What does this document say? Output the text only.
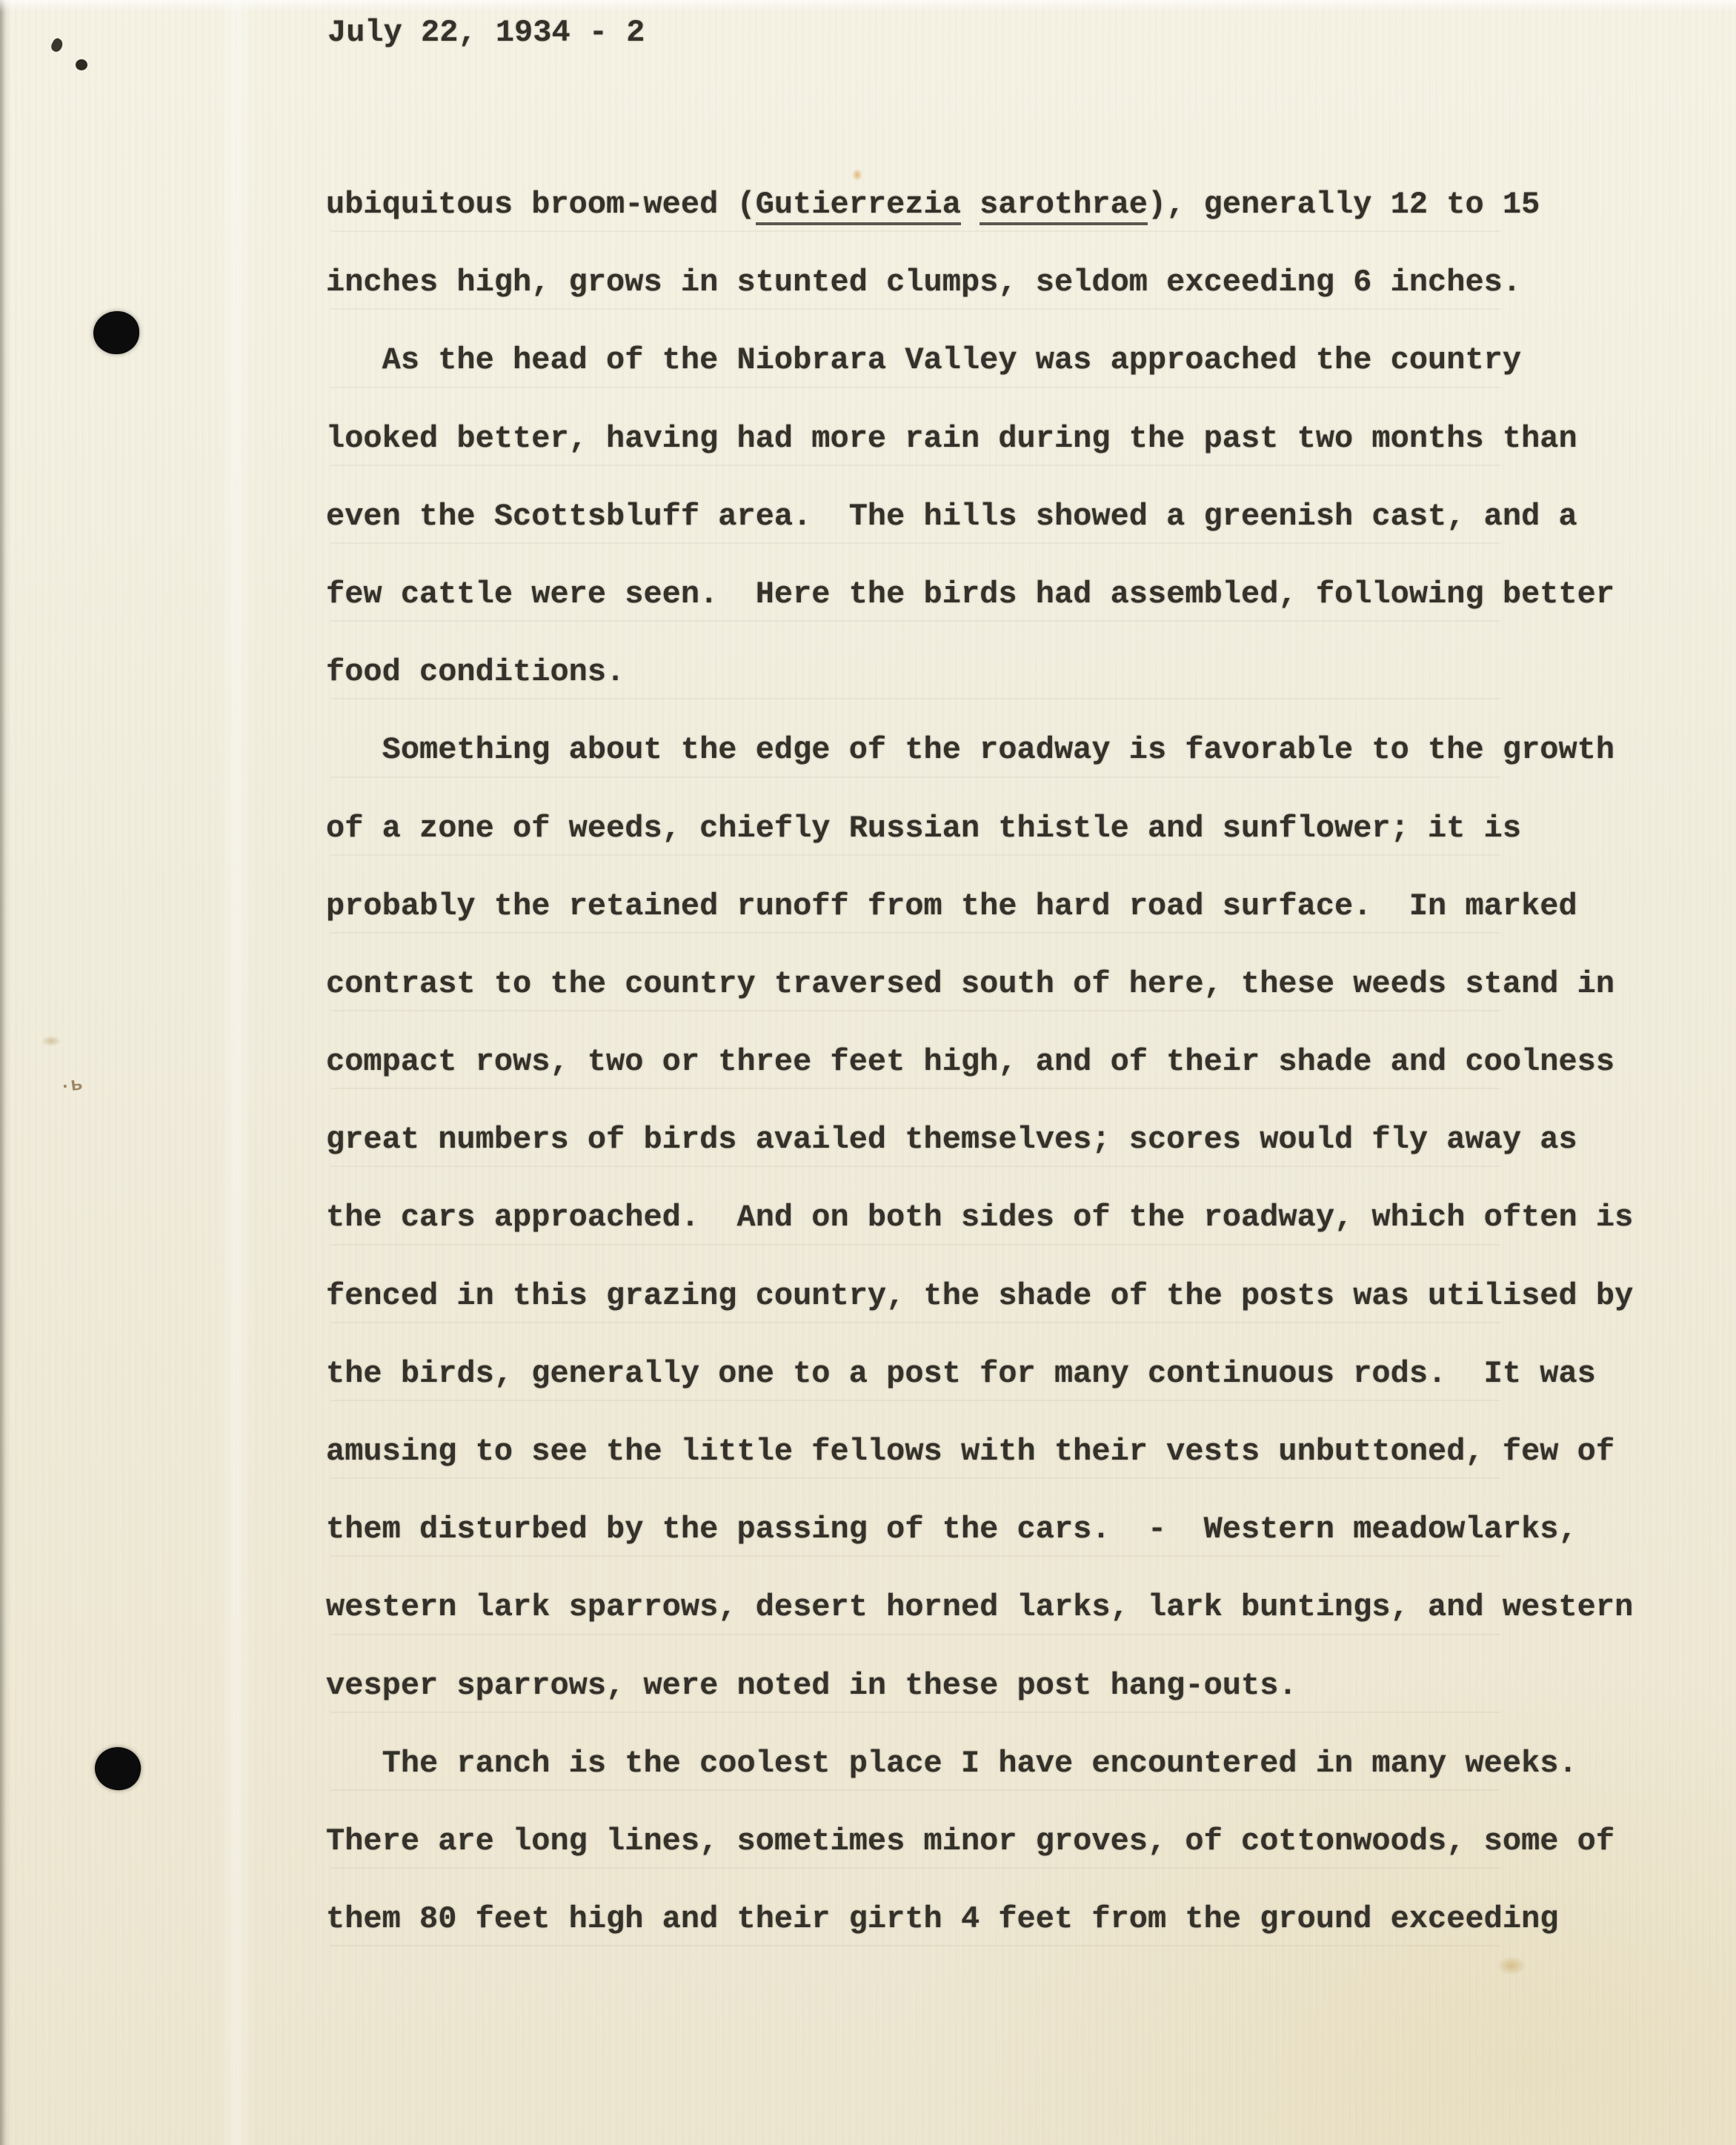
·ь
July 22, 1934 - 2
ubiquitous broom-weed (Gutierrezia sarothrae), generally 12 to 15
inches high, grows in stunted clumps, seldom exceeding 6 inches.
As the head of the Niobrara Valley was approached the country
looked better, having had more rain during the past two months than
even the Scottsbluff area.  The hills showed a greenish cast, and a
few cattle were seen.  Here the birds had assembled, following better
food conditions.
Something about the edge of the roadway is favorable to the growth
of a zone of weeds, chiefly Russian thistle and sunflower; it is
probably the retained runoff from the hard road surface.  In marked
contrast to the country traversed south of here, these weeds stand in
compact rows, two or three feet high, and of their shade and coolness
great numbers of birds availed themselves; scores would fly away as
the cars approached.  And on both sides of the roadway, which often is
fenced in this grazing country, the shade of the posts was utilised by
the birds, generally one to a post for many continuous rods.  It was
amusing to see the little fellows with their vests unbuttoned, few of
them disturbed by the passing of the cars.  -  Western meadowlarks,
western lark sparrows, desert horned larks, lark buntings, and western
vesper sparrows, were noted in these post hang-outs.
The ranch is the coolest place I have encountered in many weeks.
There are long lines, sometimes minor groves, of cottonwoods, some of
them 80 feet high and their girth 4 feet from the ground exceeding
